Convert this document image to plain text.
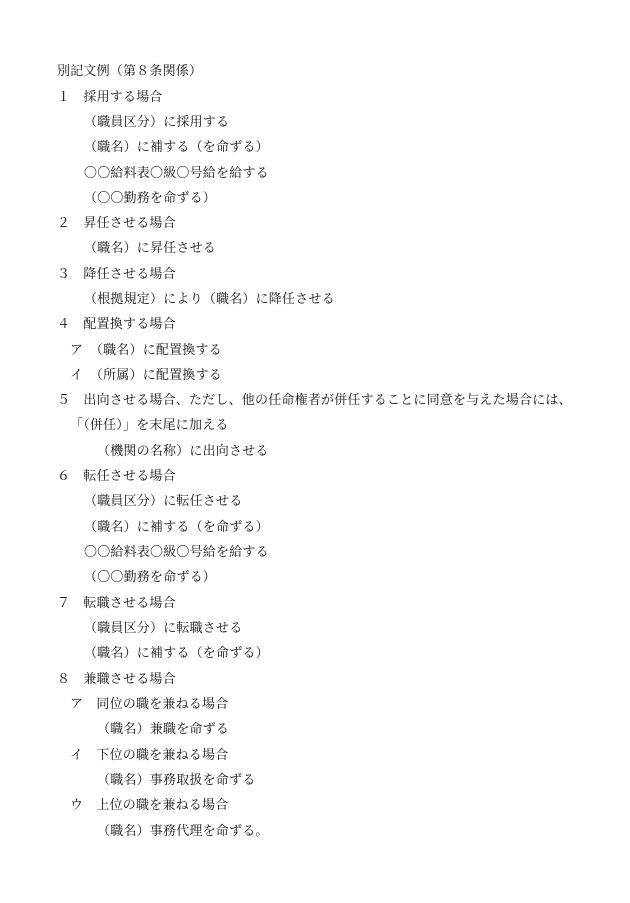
別記文例（第８条関係）
１　採用する場合
（職員区分）に採用する
（職名）に補する（を命ずる）
〇〇給料表〇級〇号給を給する
（〇〇勤務を命ずる）
２　昇任させる場合
（職名）に昇任させる
３　降任させる場合
（根拠規定）により（職名）に降任させる
４　配置換する場合
ア　（職名）に配置換する
イ　（所属）に配置換する
５　出向させる場合、ただし、他の任命権者が併任することに同意を与えた場合には、
「（併任）」を末尾に加える
（機関の名称）に出向させる
６　転任させる場合
（職員区分）に転任させる
（職名）に補する（を命ずる）
〇〇給料表〇級〇号給を給する
（〇〇勤務を命ずる）
７　転職させる場合
（職員区分）に転職させる
（職名）に補する（を命ずる）
８　兼職させる場合
ア　同位の職を兼ねる場合
（職名）兼職を命ずる
イ　下位の職を兼ねる場合
（職名）事務取扱を命ずる
ウ　上位の職を兼ねる場合
（職名）事務代理を命ずる。
